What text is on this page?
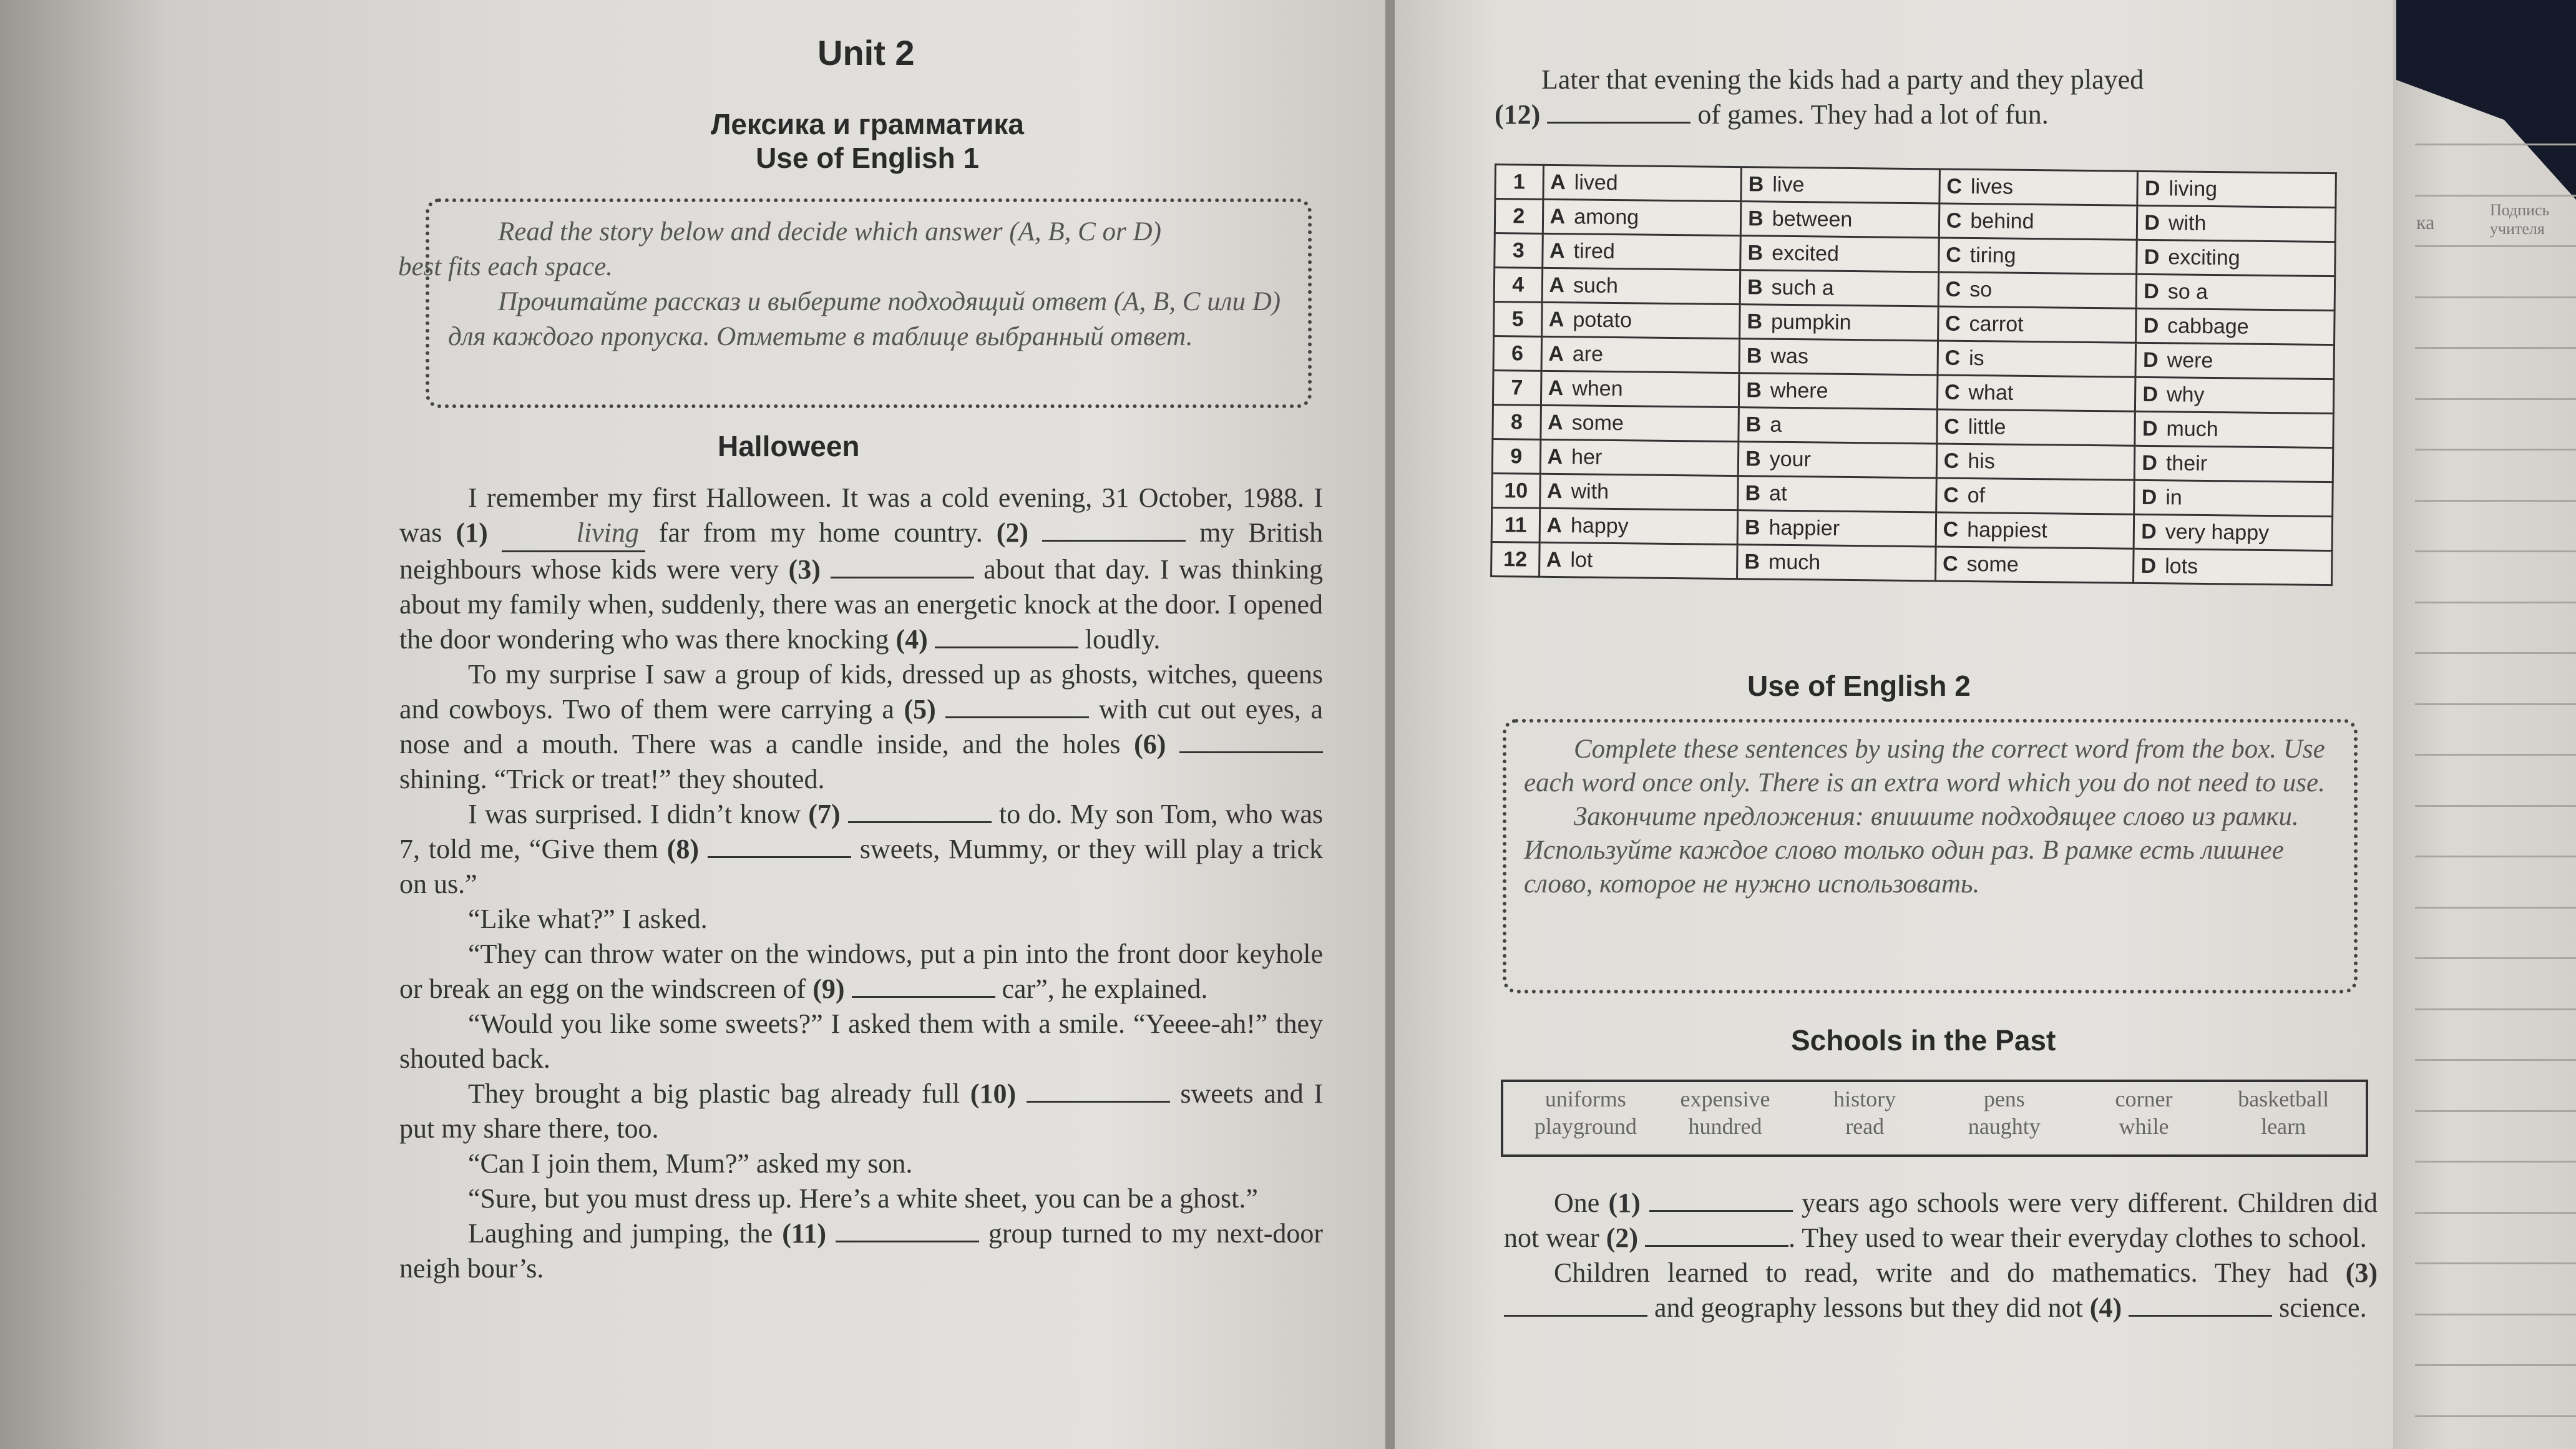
Unit 2
Лексика и грамматика
Use of English 1

Read the story below and decide which answer (A, B, C or D)
best fits each space.

Прочитайте рассказ и выберите подходящий ответ (A, B, C или D) для каждого пропуска. Отметьте в таблице выбранный ответ.

Halloween

I remember my first Halloween. It was a cold evening, 31 October, 1988. I was (1)	living far from my home country. (2)	my British neighbours whose kids were very (3)	about that day. I was thinking about my family when, suddenly, there was an energetic knock at the door. I opened the door wondering who was there knocking (4)	loudly.

To my surprise I saw a group of kids, dressed up as ghosts, witches, queens and cowboys. Two of them were carrying a (5)	with cut out eyes, a nose and a mouth. There was a candle inside, and the holes (6)  shining. “Trick or treat!” they shouted.

I was surprised. I didn’t know (7)	to do. My son Tom, who was 7, told me, “Give them (8)	sweets, Mummy, or they will play a trick on us.”

“Like what?” I asked.

“They can throw water on the windows, put a pin into the front door keyhole or break an egg on the windscreen of (9)	car”, he explained.

“Would you like some sweets?” I asked them with a smile. “Yeeee-ah!” they shouted back.

They brought a big plastic bag already full (10)	sweets and I put my share there, too.

“Can I join them, Mum?” asked my son.

“Sure, but you must dress up. Here’s a white sheet, you can be a ghost.”

Laughing and jumping, the (11)	group turned to my next-door neigh bour’s.

Later that evening the kids had a party and they played
(12)	of games. They had a lot of fun.
1	A lived	B live	C lives	D living
2	A among	B between	C behind	D with
3	A tired	B excited	C tiring	D exciting
4	A such	B such a	C so	D so a
5	A potato	B pumpkin	C carrot	D cabbage
6	A are	B was	C is	D were
7	A when	B where	C what	D why
8	A some	B a	C little	D much
9	A her	B your	C his	D their
10	A with	B at	C of	D in
11	A happy	B happier	C happiest	D very happy
12	A lot	B much	C some	D lots
Use of English 2

Complete these sentences by using the correct word from the box. Use each word once only. There is an extra word which you do not need to use.

Закончите предложения: впишите подходящее слово из рамки. Используйте каждое слово только один раз. В рамке есть лишнее слово, которое не нужно использовать.

Schools in the Past
uniforms	expensive	history	pens	corner	basketball
playground	hundred	read	naughty	while	learn

One (1)	years ago schools were very different. Children did not wear (2)	. They used to wear their everyday clothes to school.

Children learned to read, write and do mathematics. They had (3)  and geography lessons but they did not (4)	science.

ка
Подпись учителя
